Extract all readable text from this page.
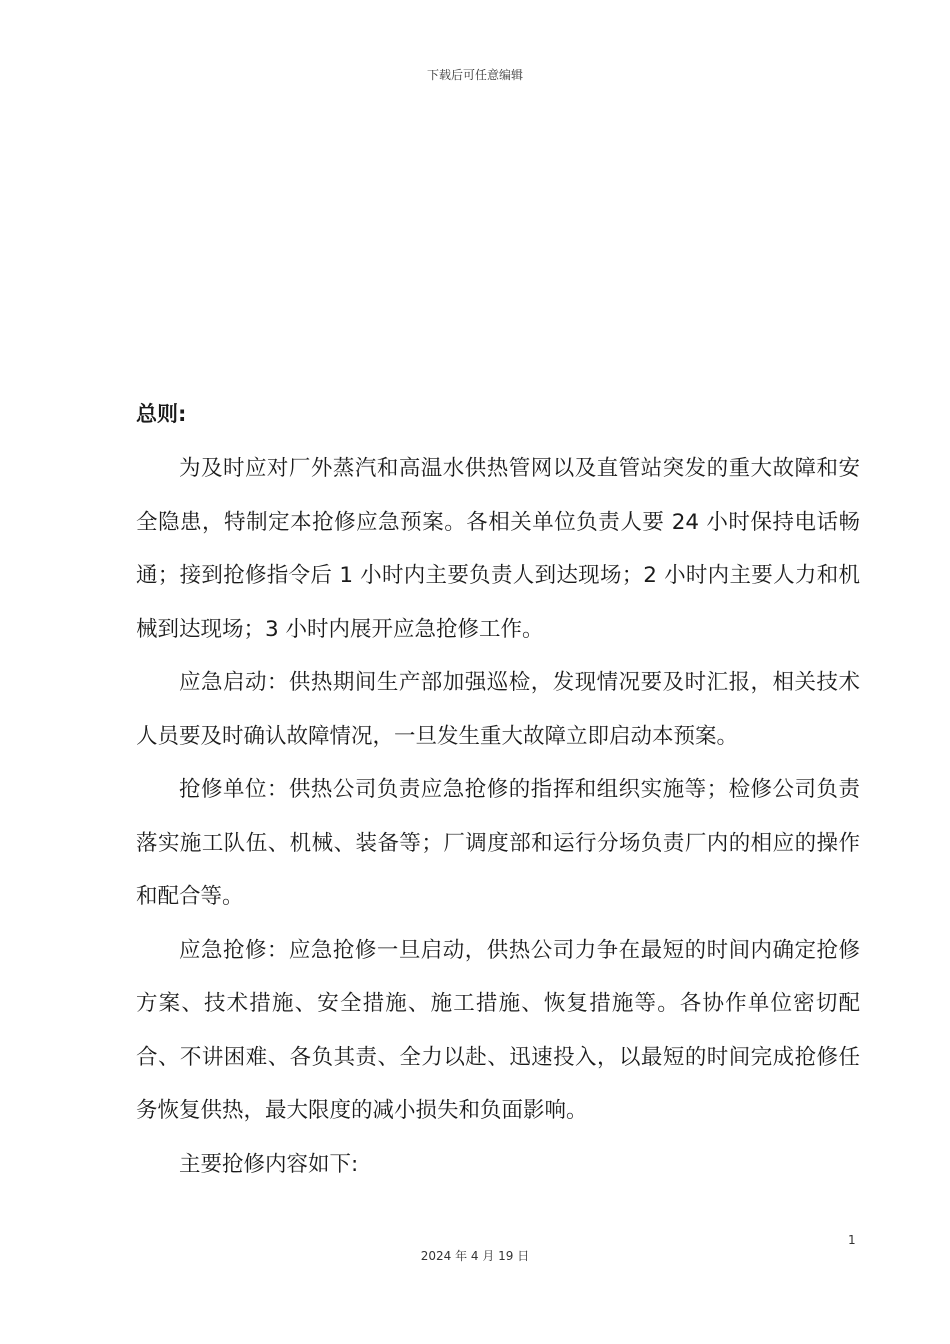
下载后可任意编辑
总则:

为及时应对厂外蒸汽和高温水供热管网以及直管站突发的重大故障和安全隐患，特制定本抢修应急预案。各相关单位负责人要 24 小时保持电话畅通；接到抢修指令后 1 小时内主要负责人到达现场；2 小时内主要人力和机械到达现场；3 小时内展开应急抢修工作。

应急启动：供热期间生产部加强巡检，发现情况要及时汇报，相关技术人员要及时确认故障情况，一旦发生重大故障立即启动本预案。

抢修单位：供热公司负责应急抢修的指挥和组织实施等；检修公司负责落实施工队伍、机械、装备等；厂调度部和运行分场负责厂内的相应的操作和配合等。

应急抢修：应急抢修一旦启动，供热公司力争在最短的时间内确定抢修方案、技术措施、安全措施、施工措施、恢复措施等。各协作单位密切配合、不讲困难、各负其责、全力以赴、迅速投入，以最短的时间完成抢修任务恢复供热，最大限度的减小损失和负面影响。

主要抢修内容如下:

1
2024 年 4 月 19 日
